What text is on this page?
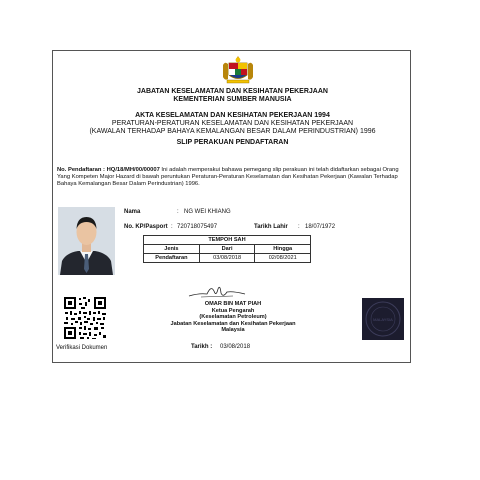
JABATAN KESELAMATAN DAN KESIHATAN PEKERJAAN
KEMENTERIAN SUMBER MANUSIA
AKTA KESELAMATAN DAN KESIHATAN PEKERJAAN 1994
PERATURAN-PERATURAN KESELAMATAN DAN KESIHATAN PEKERJAAN
(KAWALAN TERHADAP BAHAYA KEMALANGAN BESAR DALAM PERINDUSTRIAN) 1996
SLIP PERAKUAN PENDAFTARAN
No. Pendaftaran : HQ/18/MH/00/00007 Ini adalah memperakui bahawa pemegang slip perakuan ini telah didaftarkan sebagai Orang Yang Kompeten Major Hazard di bawah peruntukan Peraturan-Peraturan Keselamatan dan Kesihatan Pekerjaan (Kawalan Terhadap Bahaya Kemalangan Besar Dalam Perindustrian) 1996.
Nama	: NG WEI KHIANG
No. KP/Pasport : 720718075497	Tarikh Lahir : 18/07/1972
TEMPOH SAH		
Jenis	Dari	Hingga
Pendaftaran	03/08/2018	02/08/2021
OMAR BIN MAT PIAH
Ketua Pengarah
(Keselamatan Petroleum)
Jabatan Keselamatan dan Kesihatan Pekerjaan
Malaysia
Tarikh : 03/08/2018
Verifikasi Dokumen
MALAYSIA
